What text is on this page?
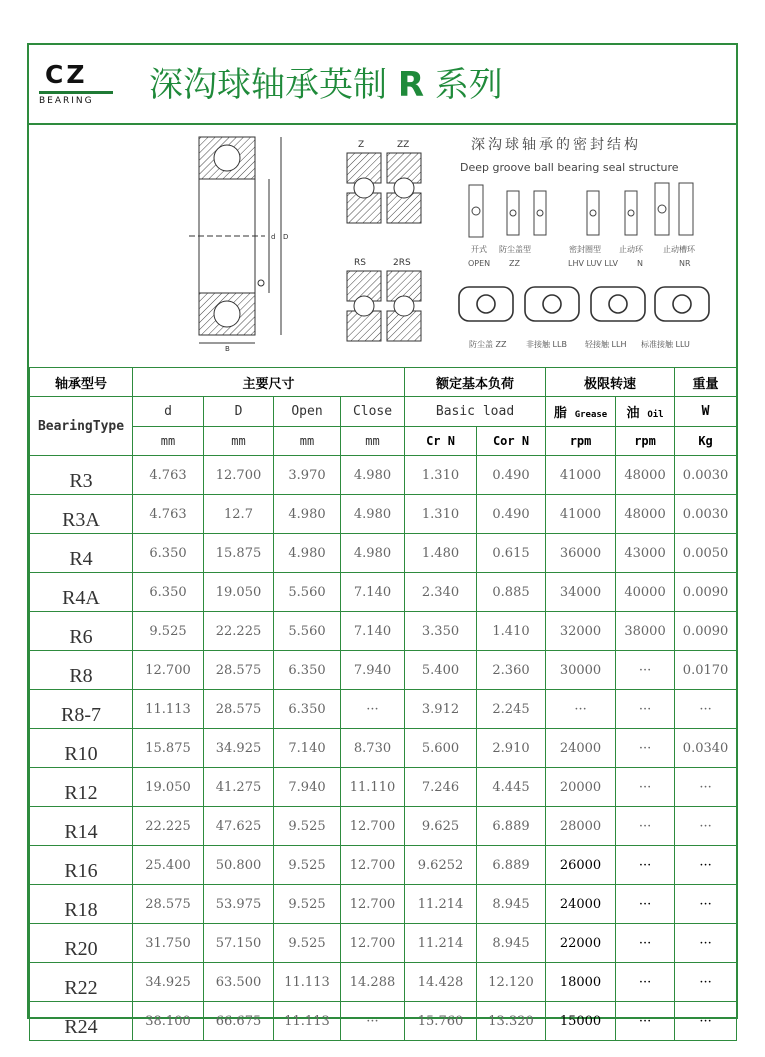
CZ
BEARING 深沟球轴承英制 R 系列
d D
B
Z	ZZ
RS	2RS
深沟球轴承的密封结构
Deep groove ball bearing seal structure
开式 防尘盖型	密封圈型 止动环	止动槽环
OPEN ZZ	LHV LUV LLV N	NR
防尘盖 ZZ 非接触 LLB 轻接触 LLH 标准接触 LLU
轴承型号	主要尺寸				额定基本负荷		极限转速		重量
BearingType	d	D	Open	Close	Basic load		脂 Grease	油 Oil	W
	mm	mm	mm	mm	Cr N	Cor N	rpm	rpm	Kg
R3	4.763	12.700	3.970	4.980	1.310	0.490	41000	48000	0.0030
R3A	4.763	12.7	4.980	4.980	1.310	0.490	41000	48000	0.0030
R4	6.350	15.875	4.980	4.980	1.480	0.615	36000	43000	0.0050
R4A	6.350	19.050	5.560	7.140	2.340	0.885	34000	40000	0.0090
R6	9.525	22.225	5.560	7.140	3.350	1.410	32000	38000	0.0090
R8	12.700	28.575	6.350	7.940	5.400	2.360	30000	···	0.0170
R8-7	11.113	28.575	6.350	···	3.912	2.245	···	···	···
R10	15.875	34.925	7.140	8.730	5.600	2.910	24000	···	0.0340
R12	19.050	41.275	7.940	11.110	7.246	4.445	20000	···	···
R14	22.225	47.625	9.525	12.700	9.625	6.889	28000	···	···
R16	25.400	50.800	9.525	12.700	9.6252	6.889	26000	···	···
R18	28.575	53.975	9.525	12.700	11.214	8.945	24000	···	···
R20	31.750	57.150	9.525	12.700	11.214	8.945	22000	···	···
R22	34.925	63.500	11.113	14.288	14.428	12.120	18000	···	···
R24	38.100	66.675	11.113	···	15.760	13.320	15000	···	···
